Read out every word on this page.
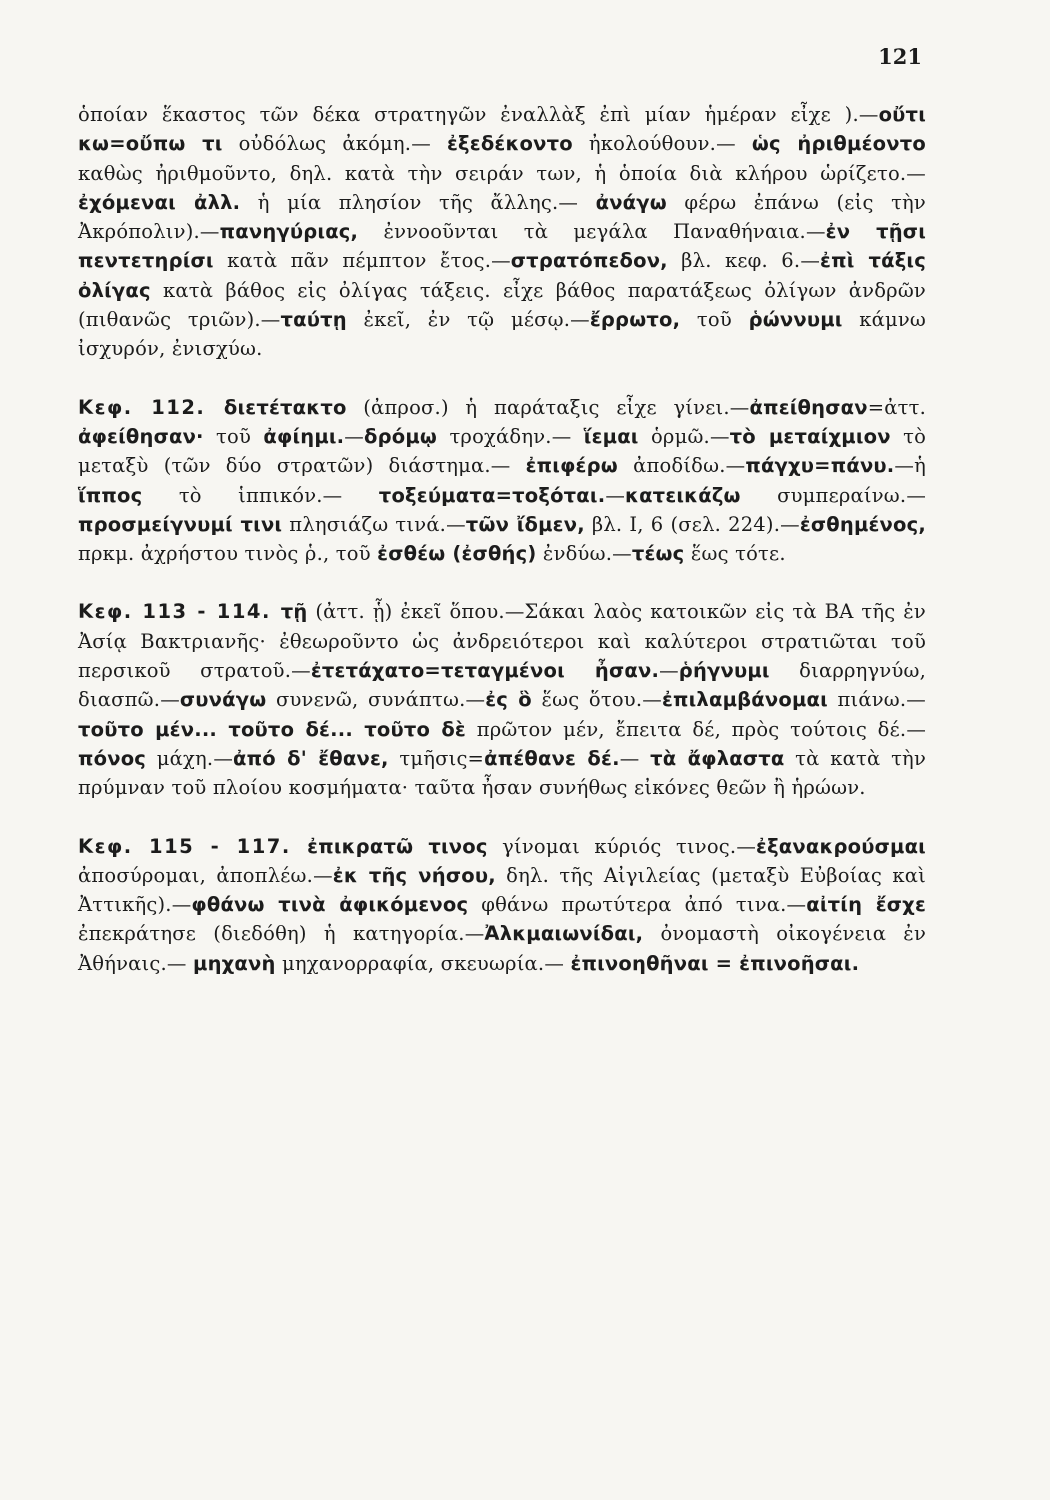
121

ὁποίαν ἕκαστος τῶν δέκα στρατηγῶν ἐναλλὰξ ἐπὶ μίαν ἡμέραν εἶχε ).—οὔτι κω=οὔπω τι οὐδόλως ἀκόμη.— ἐξεδέκοντο ἠκολούθουν.— ὡς ἠριθμέοντο καθὼς ἠριθμοῦντο, δηλ. κατὰ τὴν σειράν των, ἡ ὁποία διὰ κλήρου ὡρίζετο.—ἐχόμεναι ἀλλ. ἡ μία πλησίον τῆς ἄλλης.— ἀνάγω φέρω ἐπάνω (εἰς τὴν Ἀκρόπολιν).—πανηγύριας, ἐννοοῦνται τὰ μεγάλα Παναθήναια.—ἐν τῇσι πεντετηρίσι κατὰ πᾶν πέμπτον ἔτος.—στρατόπεδον, βλ. κεφ. 6.—ἐπὶ τάξις ὀλίγας κατὰ βάθος εἰς ὀλίγας τάξεις. εἶχε βάθος παρατάξεως ὀλίγων ἀνδρῶν (πιθανῶς τριῶν).—ταύτῃ ἐκεῖ, ἐν τῷ μέσῳ.—ἔρρωτο, τοῦ ῥώννυμι κάμνω ἰσχυρόν, ἐνισχύω.

Κεφ. 112. διετέτακτο (ἀπροσ.) ἡ παράταξις εἶχε γίνει.—ἀπείθησαν=ἀττ. ἀφείθησαν· τοῦ ἀφίημι.—δρόμῳ τροχάδην.— ἵεμαι ὁρμῶ.—τὸ μεταίχμιον τὸ μεταξὺ (τῶν δύο στρατῶν) διάστημα.— ἐπιφέρω ἀποδίδω.—πάγχυ=πάνυ.—ἡ ἵππος τὸ ἱππικόν.— τοξεύματα=τοξόται.—κατεικάζω συμπεραίνω.—προσμείγνυμί τινι πλησιάζω τινά.—τῶν ἴδμεν, βλ. I, 6 (σελ. 224).—ἐσθημένος, πρκμ. ἀχρήστου τινὸς ῥ., τοῦ ἐσθέω (ἐσθής) ἐνδύω.—τέως ἕως τότε.

Κεφ. 113 - 114. τῇ (ἀττ. ᾗ) ἐκεῖ ὅπου.—Σάκαι λαὸς κατοικῶν εἰς τὰ ΒΑ τῆς ἐν Ἀσίᾳ Βακτριανῆς· ἐθεωροῦντο ὡς ἀνδρειότεροι καὶ καλύτεροι στρατιῶται τοῦ περσικοῦ στρατοῦ.—ἐτετάχατο=τεταγμένοι ἦσαν.—ῥήγνυμι διαρρηγνύω, διασπῶ.—συνάγω συνενῶ, συνάπτω.—ἐς ὃ ἕως ὅτου.—ἐπιλαμβάνομαι πιάνω.—τοῦτο μέν... τοῦτο δέ... τοῦτο δὲ πρῶτον μέν, ἔπειτα δέ, πρὸς τούτοις δέ.—πόνος μάχη.—ἀπό δ' ἔθανε, τμῆσις=ἀπέθανε δέ.— τὰ ἄφλαστα τὰ κατὰ τὴν πρύμναν τοῦ πλοίου κοσμήματα· ταῦτα ἦσαν συνήθως εἰκόνες θεῶν ἢ ἡρώων.

Κεφ. 115 - 117. ἐπικρατῶ τινος γίνομαι κύριός τινος.—ἐξανακρούσμαι ἀποσύρομαι, ἀποπλέω.—ἐκ τῆς νήσου, δηλ. τῆς Αἰγιλείας (μεταξὺ Εὐβοίας καὶ Ἀττικῆς).—φθάνω τινὰ ἀφικόμενος φθάνω πρωτύτερα ἀπό τινα.—αἰτίη ἔσχε ἐπεκράτησε (διεδόθη) ἡ κατηγορία.—Ἀλκμαιωνίδαι, ὀνομαστὴ οἰκογένεια ἐν Ἀθήναις.— μηχανὴ μηχανορραφία, σκευωρία.— ἐπινοηθῆναι = ἐπινοῆσαι.
